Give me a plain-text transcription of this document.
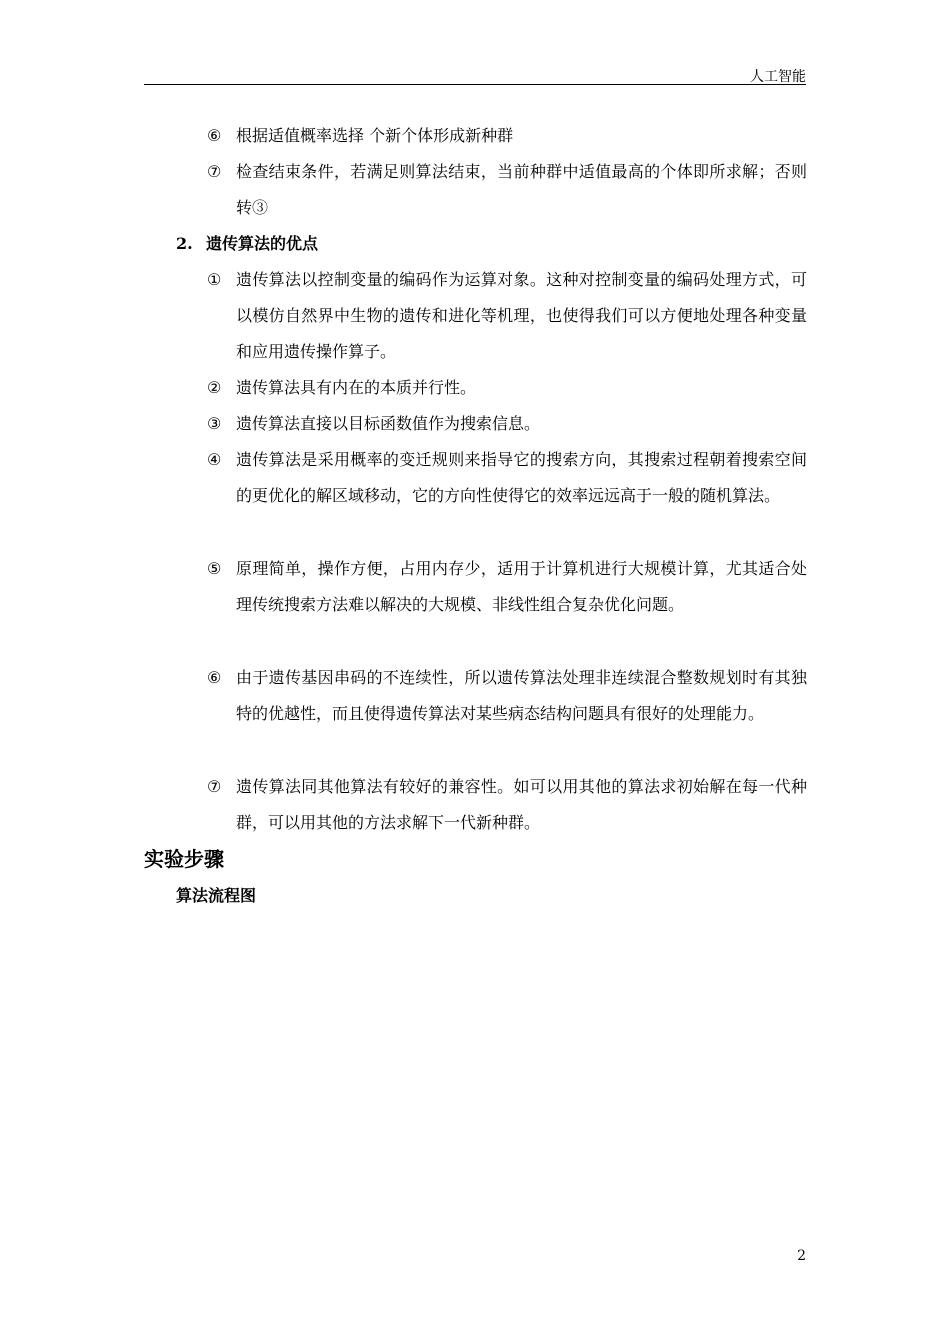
人工智能
⑥ 根据适值概率选择 个新个体形成新种群
⑦ 检查结束条件，若满足则算法结束，当前种群中适值最高的个体即所求解；否则转③
2. 遗传算法的优点
① 遗传算法以控制变量的编码作为运算对象。这种对控制变量的编码处理方式，可以模仿自然界中生物的遗传和进化等机理，也使得我们可以方便地处理各种变量和应用遗传操作算子。
② 遗传算法具有内在的本质并行性。
③ 遗传算法直接以目标函数值作为搜索信息。
④ 遗传算法是采用概率的变迁规则来指导它的搜索方向，其搜索过程朝着搜索空间的更优化的解区域移动，它的方向性使得它的效率远远高于一般的随机算法。
⑤ 原理简单，操作方便，占用内存少，适用于计算机进行大规模计算，尤其适合处理传统搜索方法难以解决的大规模、非线性组合复杂优化问题。
⑥ 由于遗传基因串码的不连续性，所以遗传算法处理非连续混合整数规划时有其独特的优越性，而且使得遗传算法对某些病态结构问题具有很好的处理能力。
⑦ 遗传算法同其他算法有较好的兼容性。如可以用其他的算法求初始解在每一代种群，可以用其他的方法求解下一代新种群。
实验步骤
算法流程图
2
